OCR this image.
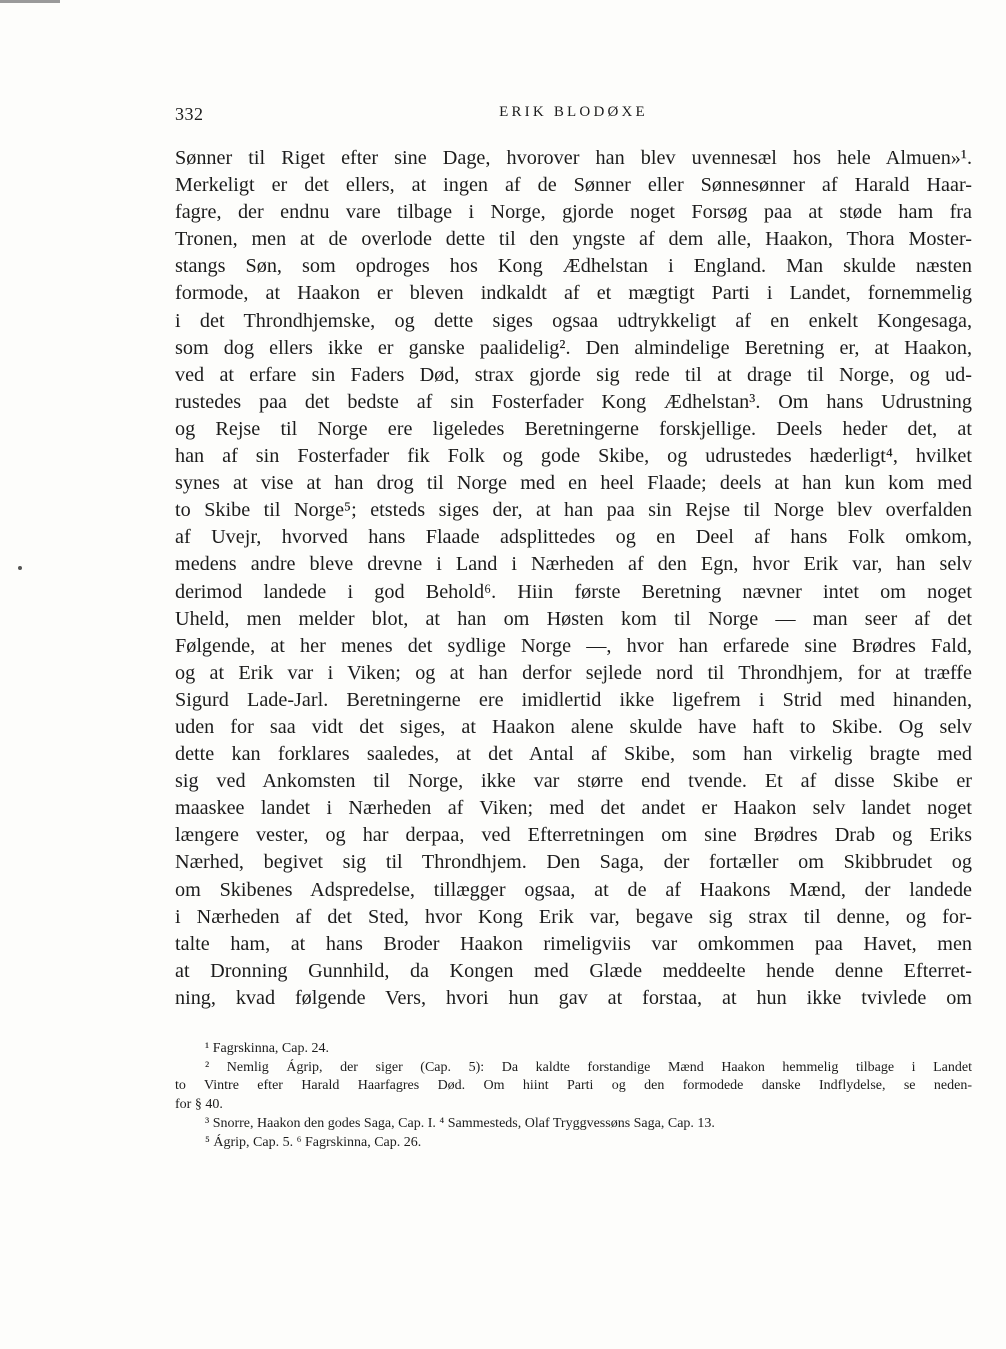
332	ERIK BLODØXE
Sønner til Riget efter sine Dage, hvorover han blev uvennesæl hos hele Almuen»¹.
Merkeligt er det ellers, at ingen af de Sønner eller Sønnesønner af Harald Haar-
fagre, der endnu vare tilbage i Norge, gjorde noget Forsøg paa at støde ham fra
Tronen, men at de overlode dette til den yngste af dem alle, Haakon, Thora Moster-
stangs Søn, som opdroges hos Kong Ædhelstan i England. Man skulde næsten
formode, at Haakon er bleven indkaldt af et mægtigt Parti i Landet, fornemmelig
i det Throndhjemske, og dette siges ogsaa udtrykkeligt af en enkelt Kongesaga,
som dog ellers ikke er ganske paalidelig². Den almindelige Beretning er, at Haakon,
ved at erfare sin Faders Død, strax gjorde sig rede til at drage til Norge, og ud-
rustedes paa det bedste af sin Fosterfader Kong Ædhelstan³. Om hans Udrustning
og Rejse til Norge ere ligeledes Beretningerne forskjellige. Deels heder det, at
han af sin Fosterfader fik Folk og gode Skibe, og udrustedes hæderligt⁴, hvilket
synes at vise at han drog til Norge med en heel Flaade; deels at han kun kom med
to Skibe til Norge⁵; etsteds siges der, at han paa sin Rejse til Norge blev overfalden
af Uvejr, hvorved hans Flaade adsplittedes og en Deel af hans Folk omkom,
medens andre bleve drevne i Land i Nærheden af den Egn, hvor Erik var, han selv
derimod landede i god Behold⁶. Hiin første Beretning nævner intet om noget
Uheld, men melder blot, at han om Høsten kom til Norge — man seer af det
Følgende, at her menes det sydlige Norge —, hvor han erfarede sine Brødres Fald,
og at Erik var i Viken; og at han derfor sejlede nord til Throndhjem, for at træffe
Sigurd Lade-Jarl. Beretningerne ere imidlertid ikke ligefrem i Strid med hinanden,
uden for saa vidt det siges, at Haakon alene skulde have haft to Skibe. Og selv
dette kan forklares saaledes, at det Antal af Skibe, som han virkelig bragte med
sig ved Ankomsten til Norge, ikke var større end tvende. Et af disse Skibe er
maaskee landet i Nærheden af Viken; med det andet er Haakon selv landet noget
længere vester, og har derpaa, ved Efterretningen om sine Brødres Drab og Eriks
Nærhed, begivet sig til Throndhjem. Den Saga, der fortæller om Skibbrudet og
om Skibenes Adspredelse, tillægger ogsaa, at de af Haakons Mænd, der landede
i Nærheden af det Sted, hvor Kong Erik var, begave sig strax til denne, og for-
talte ham, at hans Broder Haakon rimeligviis var omkommen paa Havet, men
at Dronning Gunnhild, da Kongen med Glæde meddeelte hende denne Efterret-
ning, kvad følgende Vers, hvori hun gav at forstaa, at hun ikke tvivlede om
¹ Fagrskinna, Cap. 24.
² Nemlig Ágrip, der siger (Cap. 5): Da kaldte forstandige Mænd Haakon hemmelig tilbage i Landet
to Vintre efter Harald Haarfagres Død. Om hiint Parti og den formodede danske Indflydelse, se neden-
for § 40.
³ Snorre, Haakon den godes Saga, Cap. I. ⁴ Sammesteds, Olaf Tryggvessøns Saga, Cap. 13.
⁵ Ágrip, Cap. 5. ⁶ Fagrskinna, Cap. 26.
